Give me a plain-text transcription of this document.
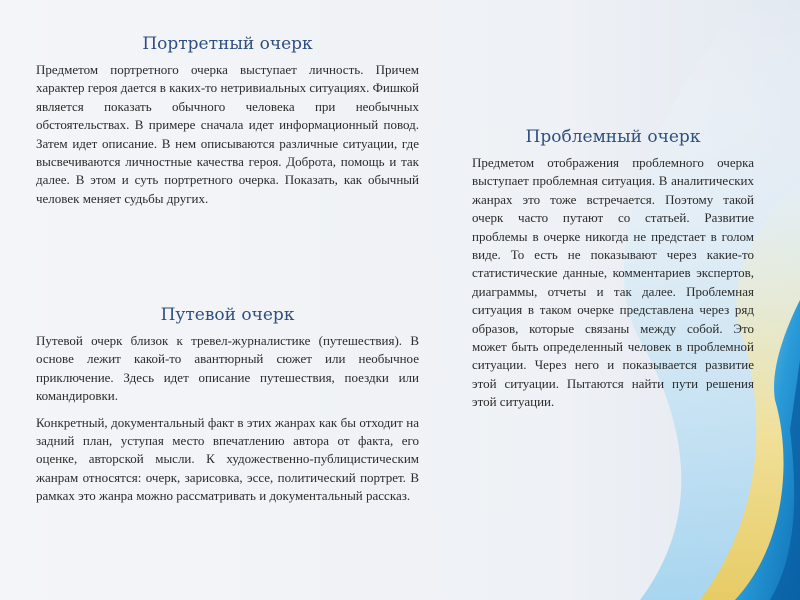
Портретный очерк

Предметом портретного очерка выступает личность. Причем характер героя дается в каких-то нетривиальных ситуациях. Фишкой является показать обычного человека при необычных обстоятельствах. В примере сначала идет информационный повод. Затем идет описание. В нем описываются различные ситуации, где высвечиваются личностные качества героя. Доброта, помощь и так далее. В этом и суть портретного очерка. Показать, как обычный человек меняет судьбы других.

Путевой очерк

Путевой очерк близок к тревел-журналистике (путешествия). В основе лежит какой-то авантюрный сюжет или необычное приключение. Здесь идет описание путешествия, поездки или командировки.

Конкретный, документальный факт в этих жанрах как бы отходит на задний план, уступая место впечатлению автора от факта, его оценке, авторской мысли. К художественно-публицистическим жанрам относятся: очерк, зарисовка, эссе, политический портрет. В рамках это жанра можно рассматривать и документальный рассказ.

Проблемный очерк

Предметом отображения проблемного очерка выступает проблемная ситуация. В аналитических жанрах это тоже встречается. Поэтому такой очерк часто путают со статьей. Развитие проблемы в очерке никогда не предстает в голом виде. То есть не показывают через какие-то статистические данные, комментариев экспертов, диаграммы, отчеты и так далее. Проблемная ситуация в таком очерке представлена через ряд образов, которые связаны между собой. Это может быть определенный человек в проблемной ситуации. Через него и показывается развитие этой ситуации. Пытаются найти пути решения этой ситуации.
